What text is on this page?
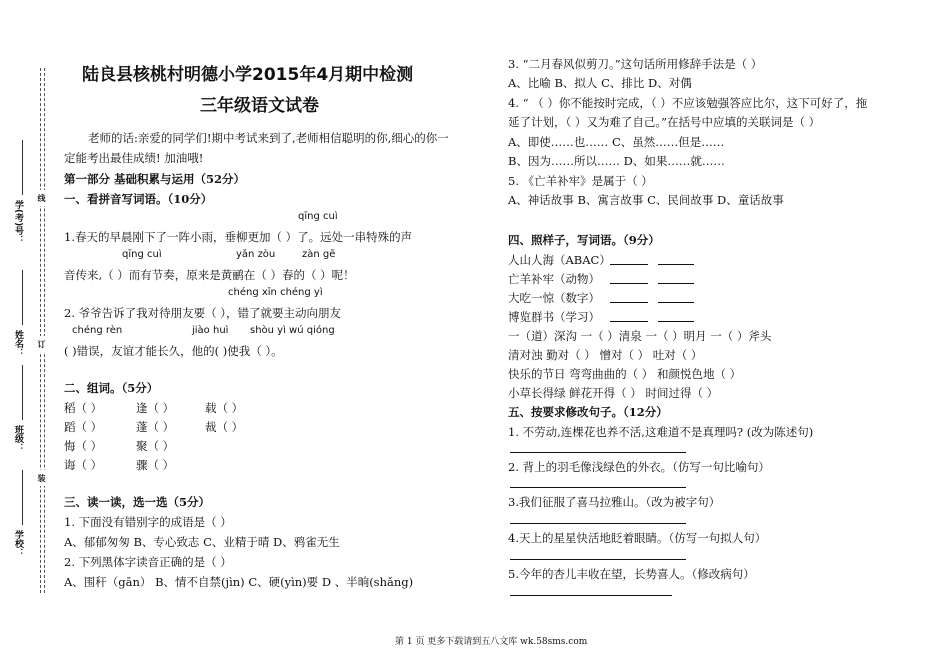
学(考)号：
姓名：
班级：
学校：
线
订
装
陆良县核桃村明德小学2015年4月期中检测
三年级语文试卷
老师的话:亲爱的同学们!期中考试来到了,老师相信聪明的你,细心的你一
定能考出最佳成绩! 加油哦!
第一部分 基础积累与运用（52分）
一、看拼音写词语。（10分）
qīng cuì
1.春天的早晨刚下了一阵小雨，垂柳更加（ ）了。远处一串特殊的声
qīng cuì	yǎn zòu	zàn gē
音传来,（ ）而有节奏，原来是黄鹂在（ ）春的（ ）呢！
chéng xīn chéng yì
2. 爷爷告诉了我对待朋友要（ ），错了就要主动向朋友
chéng rèn	jiào huì shòu yì wú qióng
( )错误，友谊才能长久，他的( )使我（ ）。
二、组词。（5分）
稻（ ）	逢（ ）	载（ ）
蹈（ ）	蓬（ ）	裁（ ）
悔（ ）	聚（ ）
诲（ ）	骤（ ）
三、读一读，选一选（5分）
1. 下面没有错别字的成语是（ ）
A、郁郁匆匆 B、专心致志 C、业精于晴 D、鸦雀无生
2. 下列黑体字读音正确的是（ ）
A、围秆（gān） B、情不自禁(jìn) C、硬(yìn)要 D 、半晌(shǎng)
3. “二月春风似剪刀。”这句话所用修辞手法是（ ）
A、比喻 B、拟人 C、排比 D、对偶
4. “ （ ）你不能按时完成，（ ）不应该勉强答应比尔，这下可好了，拖
延了计划，（ ）又为难了自己。”在括号中应填的关联词是（ ）
A、即使……也…… C、虽然……但是……
B、因为……所以…… D、如果……就……
5. 《亡羊补牢》是属于（ ）
A、神话故事 B、寓言故事 C、民间故事 D、童话故事
四、照样子，写词语。（9分）
人山人海（ABAC）
亡羊补牢（动物）
大吃一惊（数字）
博览群书（学习）
一（道）深沟 一（ ）清泉 一（ ）明月 一（ ）斧头
清对浊 勤对（ ） 憎对（ ） 吐对（ ）
快乐的节日 弯弯曲曲的（ ） 和颜悦色地（ ）
小草长得绿 鲜花开得（ ） 时间过得（ ）
五、按要求修改句子。（12分）
1. 不劳动,连棵花也养不活,这难道不是真理吗? (改为陈述句)
2. 背上的羽毛像浅绿色的外衣。（仿写一句比喻句）
3.我们征服了喜马拉雅山。（改为被字句）
4.天上的星星快活地眨着眼睛。（仿写一句拟人句）
5.今年的杏儿丰收在望，长势喜人。（修改病句）
第 1 页 更多下载请到五八文库 wk.58sms.com
